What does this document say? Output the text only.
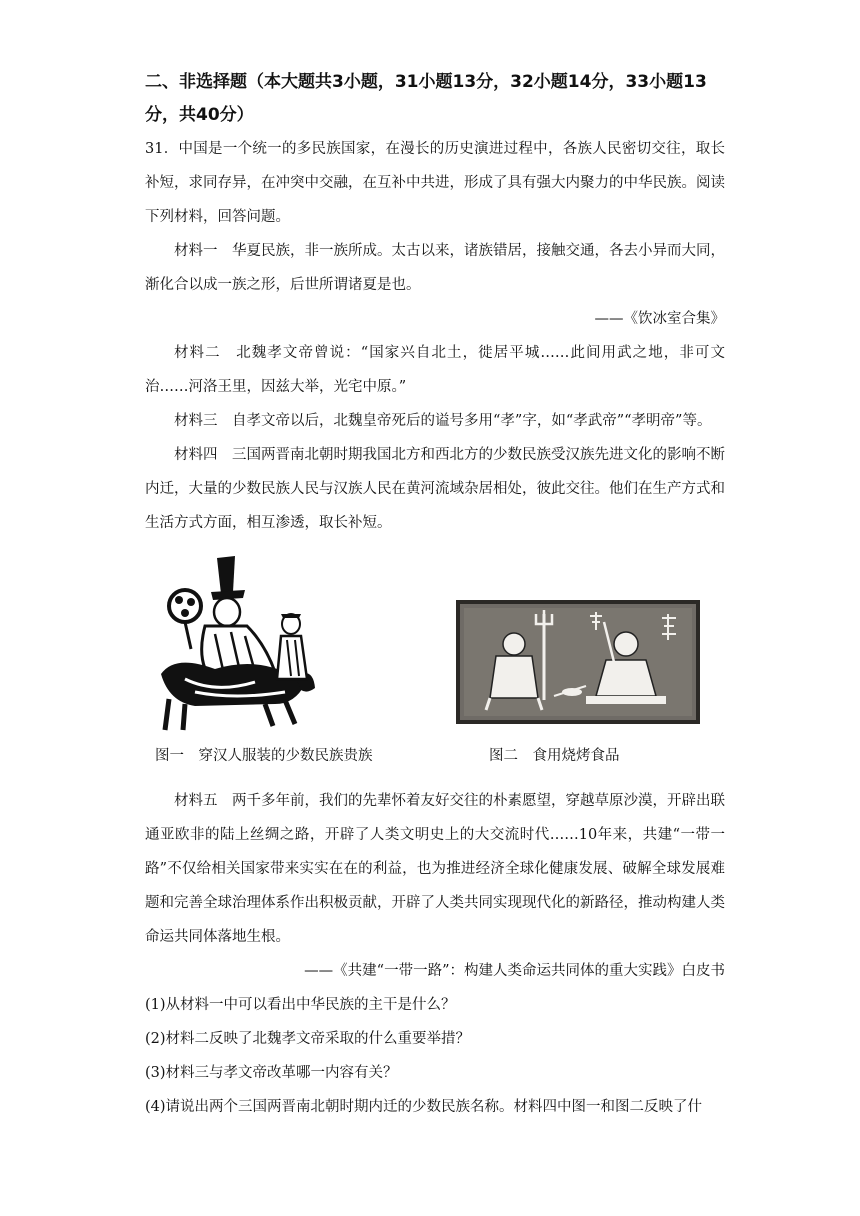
二、非选择题（本大题共3小题，31小题13分，32小题14分，33小题13分，共40分）

31．中国是一个统一的多民族国家，在漫长的历史演进过程中，各族人民密切交往，取长补短，求同存异，在冲突中交融，在互补中共进，形成了具有强大内聚力的中华民族。阅读下列材料，回答问题。

材料一　华夏民族，非一族所成。太古以来，诸族错居，接触交通，各去小异而大同，渐化合以成一族之形，后世所谓诸夏是也。

——《饮冰室合集》

材料二　北魏孝文帝曾说：“国家兴自北土，徙居平城……此间用武之地，非可文治……河洛王里，因兹大举，光宅中原。”

材料三　自孝文帝以后，北魏皇帝死后的谥号多用“孝”字，如“孝武帝”“孝明帝”等。

材料四　三国两晋南北朝时期我国北方和西北方的少数民族受汉族先进文化的影响不断内迁，大量的少数民族人民与汉族人民在黄河流域杂居相处，彼此交往。他们在生产方式和生活方式方面，相互渗透，取长补短。

图一　穿汉人服装的少数民族贵族	图二　食用烧烤食品

材料五　两千多年前，我们的先辈怀着友好交往的朴素愿望，穿越草原沙漠，开辟出联通亚欧非的陆上丝绸之路，开辟了人类文明史上的大交流时代……10年来，共建“一带一路”不仅给相关国家带来实实在在的利益，也为推进经济全球化健康发展、破解全球发展难题和完善全球治理体系作出积极贡献，开辟了人类共同实现现代化的新路径，推动构建人类命运共同体落地生根。

——《共建“一带一路”：构建人类命运共同体的重大实践》白皮书

(1)从材料一中可以看出中华民族的主干是什么？
(2)材料二反映了北魏孝文帝采取的什么重要举措？
(3)材料三与孝文帝改革哪一内容有关？
(4)请说出两个三国两晋南北朝时期内迁的少数民族名称。材料四中图一和图二反映了什
